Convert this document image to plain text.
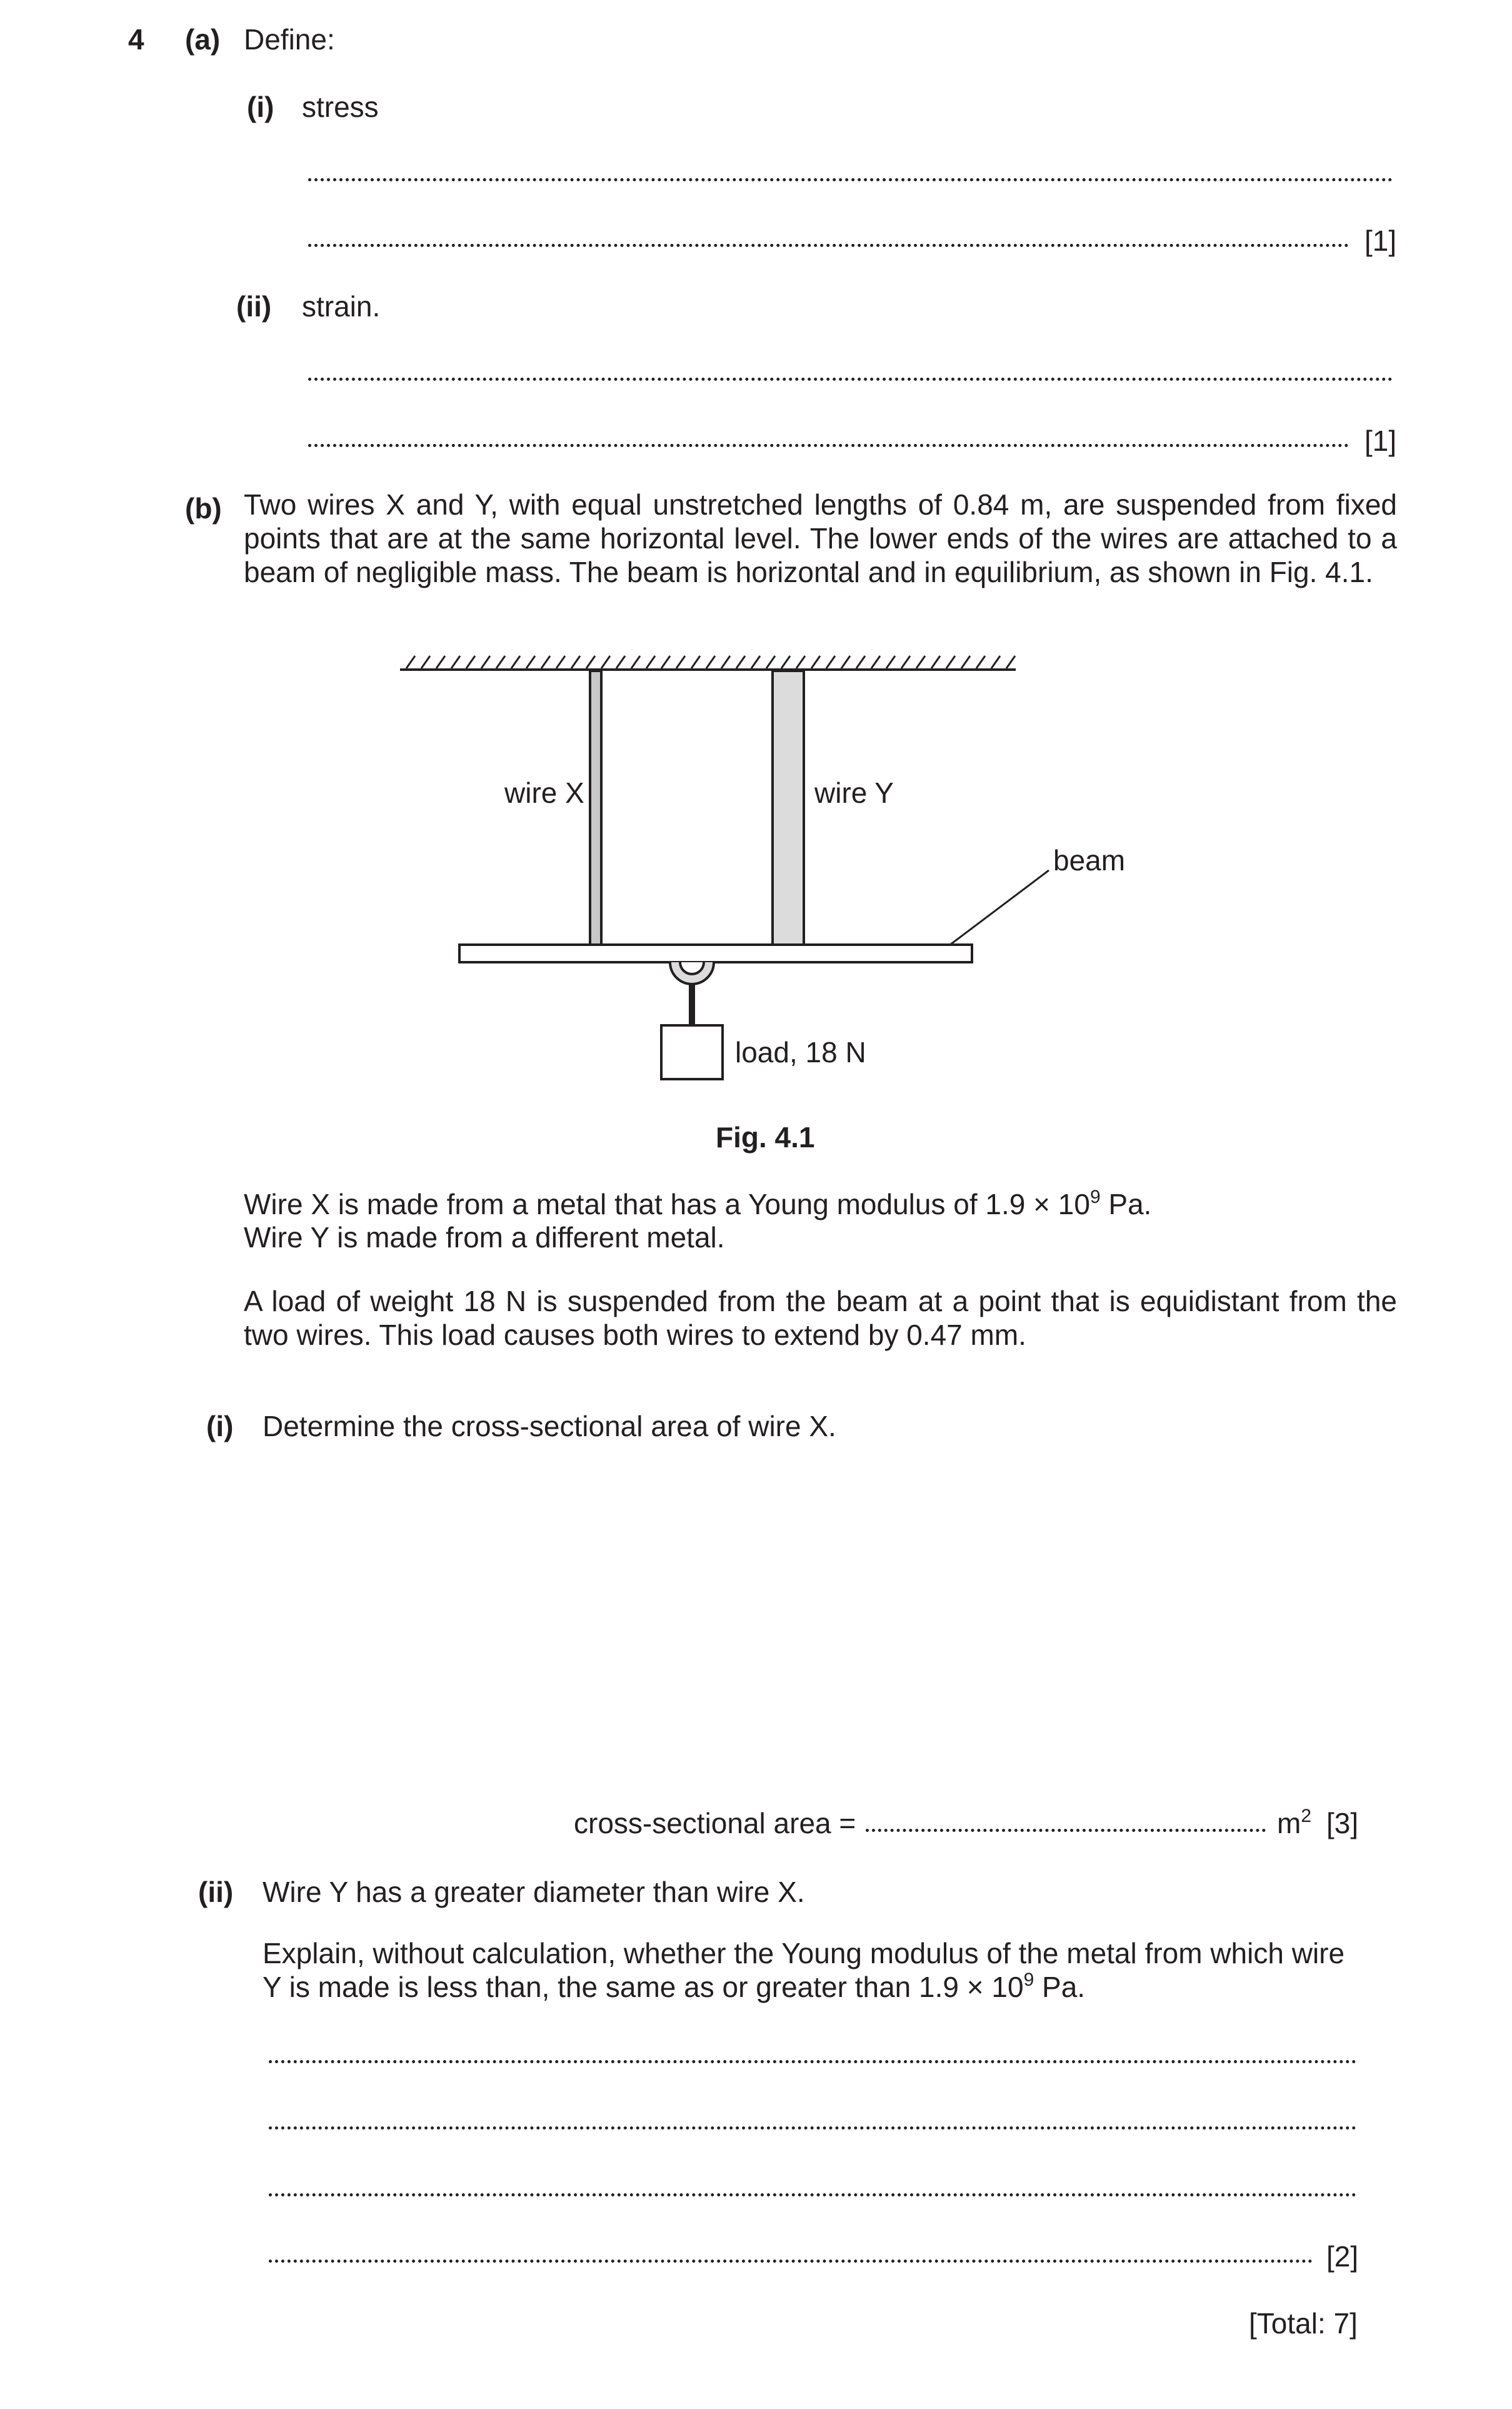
4 (a) Define:
(i) stress
[1]
(ii) strain.
[1]
(b) Two wires X and Y, with equal unstretched lengths of 0.84 m, are suspended from fixed points that are at the same horizontal level. The lower ends of the wires are attached to a beam of negligible mass. The beam is horizontal and in equilibrium, as shown in Fig. 4.1.
wire X	wire Y
beam
load, 18 N
Fig. 4.1
Wire X is made from a metal that has a Young modulus of $1.9 \times 10^9$ Pa.
Wire Y is made from a different metal.
A load of weight 18 N is suspended from the beam at a point that is equidistant from the two wires. This load causes both wires to extend by 0.47 mm.
(i) Determine the cross-sectional area of wire X.
cross-sectional area =	$m^2$ [3]
(ii) Wire Y has a greater diameter than wire X.
Explain, without calculation, whether the Young modulus of the metal from which wire Y is made is less than, the same as or greater than $1.9 \times 10^9$ Pa.
[2]
[Total: 7]
